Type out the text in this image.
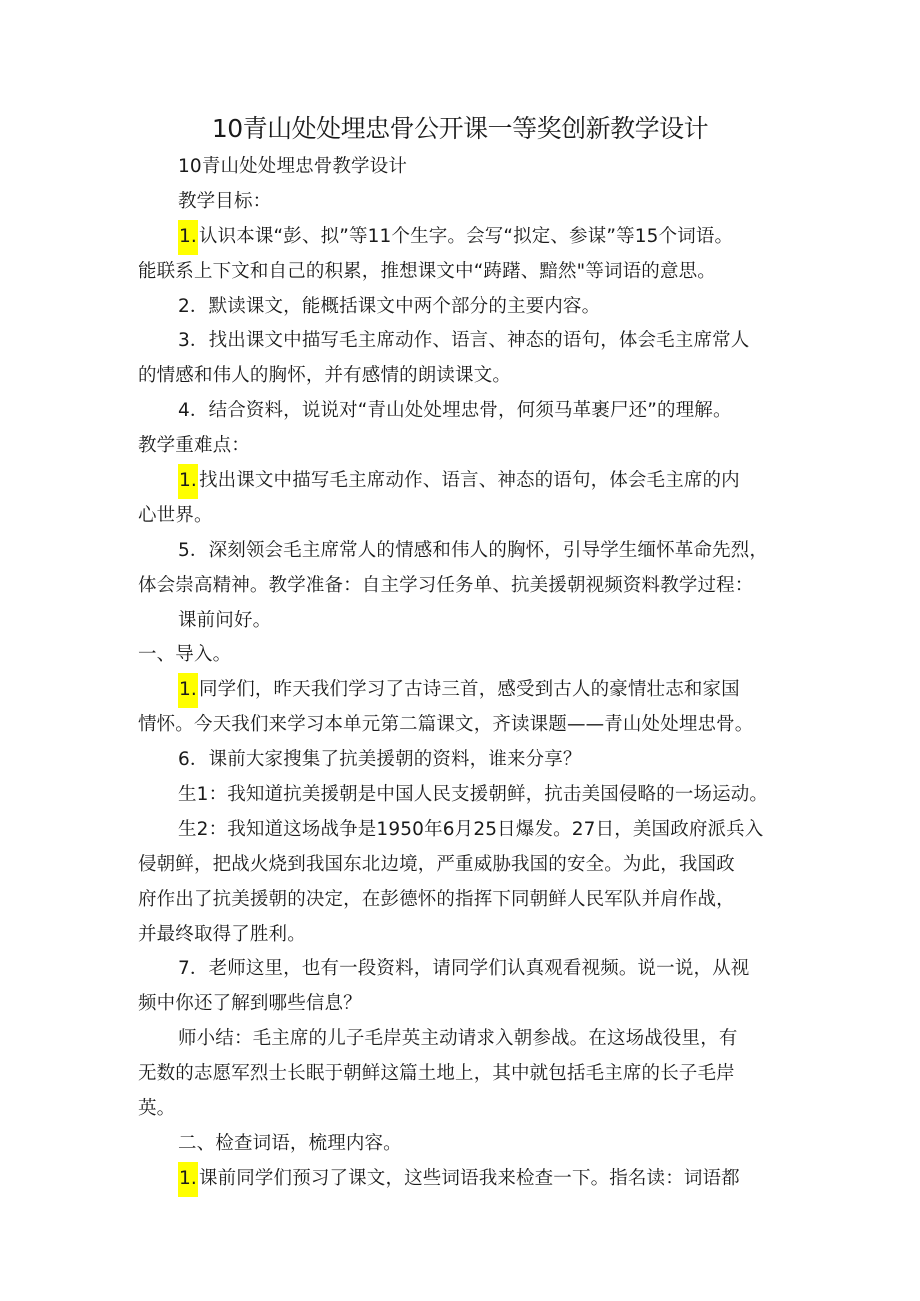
10青山处处埋忠骨公开课一等奖创新教学设计
10青山处处埋忠骨教学设计
教学目标：
1. 认识本课“彭、拟”等11个生字。会写“拟定、参谋”等15个词语。
能联系上下文和自己的积累，推想课文中“踌躇、黯然"等词语的意思。
2．默读课文，能概括课文中两个部分的主要内容。
3．找出课文中描写毛主席动作、语言、神态的语句，体会毛主席常人
的情感和伟人的胸怀，并有感情的朗读课文。
4．结合资料，说说对“青山处处埋忠骨，何须马革裹尸还”的理解。
教学重难点：
1. 找出课文中描写毛主席动作、语言、神态的语句，体会毛主席的内
心世界。
5．深刻领会毛主席常人的情感和伟人的胸怀，引导学生缅怀革命先烈，
体会崇高精神。教学准备：自主学习任务单、抗美援朝视频资料教学过程：
课前问好。
一、导入。
1. 同学们，昨天我们学习了古诗三首，感受到古人的豪情壮志和家国
情怀。今天我们来学习本单元第二篇课文，齐读课题——青山处处埋忠骨。
6．课前大家搜集了抗美援朝的资料，谁来分享？
生1：我知道抗美援朝是中国人民支援朝鲜，抗击美国侵略的一场运动。
生2：我知道这场战争是1950年6月25日爆发。27日，美国政府派兵入
侵朝鲜，把战火烧到我国东北边境，严重威胁我国的安全。为此，我国政
府作出了抗美援朝的决定，在彭德怀的指挥下同朝鲜人民军队并肩作战，
并最终取得了胜利。
7．老师这里，也有一段资料，请同学们认真观看视频。说一说，从视
频中你还了解到哪些信息？
师小结：毛主席的儿子毛岸英主动请求入朝参战。在这场战役里，有
无数的志愿军烈士长眠于朝鲜这篇土地上，其中就包括毛主席的长子毛岸
英。
二、检查词语，梳理内容。
1. 课前同学们预习了课文，这些词语我来检查一下。指名读：词语都
